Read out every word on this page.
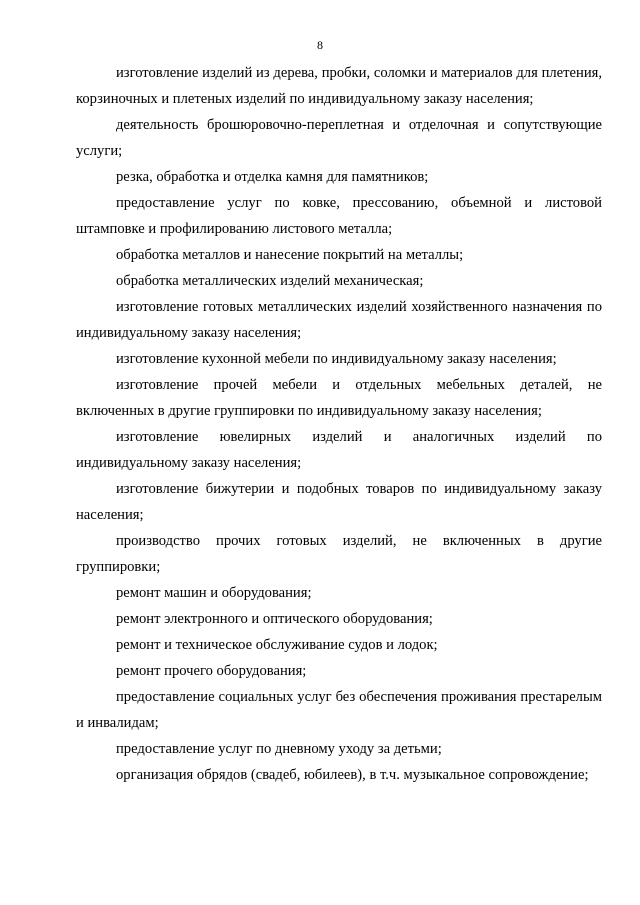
8

изготовление изделий из дерева, пробки, соломки и материалов для плетения, корзиночных и плетеных изделий по индивидуальному заказу населения;

деятельность брошюровочно-переплетная и отделочная и сопутствующие услуги;

резка, обработка и отделка камня для памятников;

предоставление услуг по ковке, прессованию, объемной и листовой штамповке и профилированию листового металла;

обработка металлов и нанесение покрытий на металлы;

обработка металлических изделий механическая;

изготовление готовых металлических изделий хозяйственного назначения по индивидуальному заказу населения;

изготовление кухонной мебели по индивидуальному заказу населения;

изготовление прочей мебели и отдельных мебельных деталей, не включенных в другие группировки по индивидуальному заказу населения;

изготовление ювелирных изделий и аналогичных изделий по индивидуальному заказу населения;

изготовление бижутерии и подобных товаров по индивидуальному заказу населения;

производство прочих готовых изделий, не включенных в другие группировки;

ремонт машин и оборудования;

ремонт электронного и оптического оборудования;

ремонт и техническое обслуживание судов и лодок;

ремонт прочего оборудования;

предоставление социальных услуг без обеспечения проживания престарелым и инвалидам;

предоставление услуг по дневному уходу за детьми;

организация обрядов (свадеб, юбилеев), в т.ч. музыкальное сопровождение;
